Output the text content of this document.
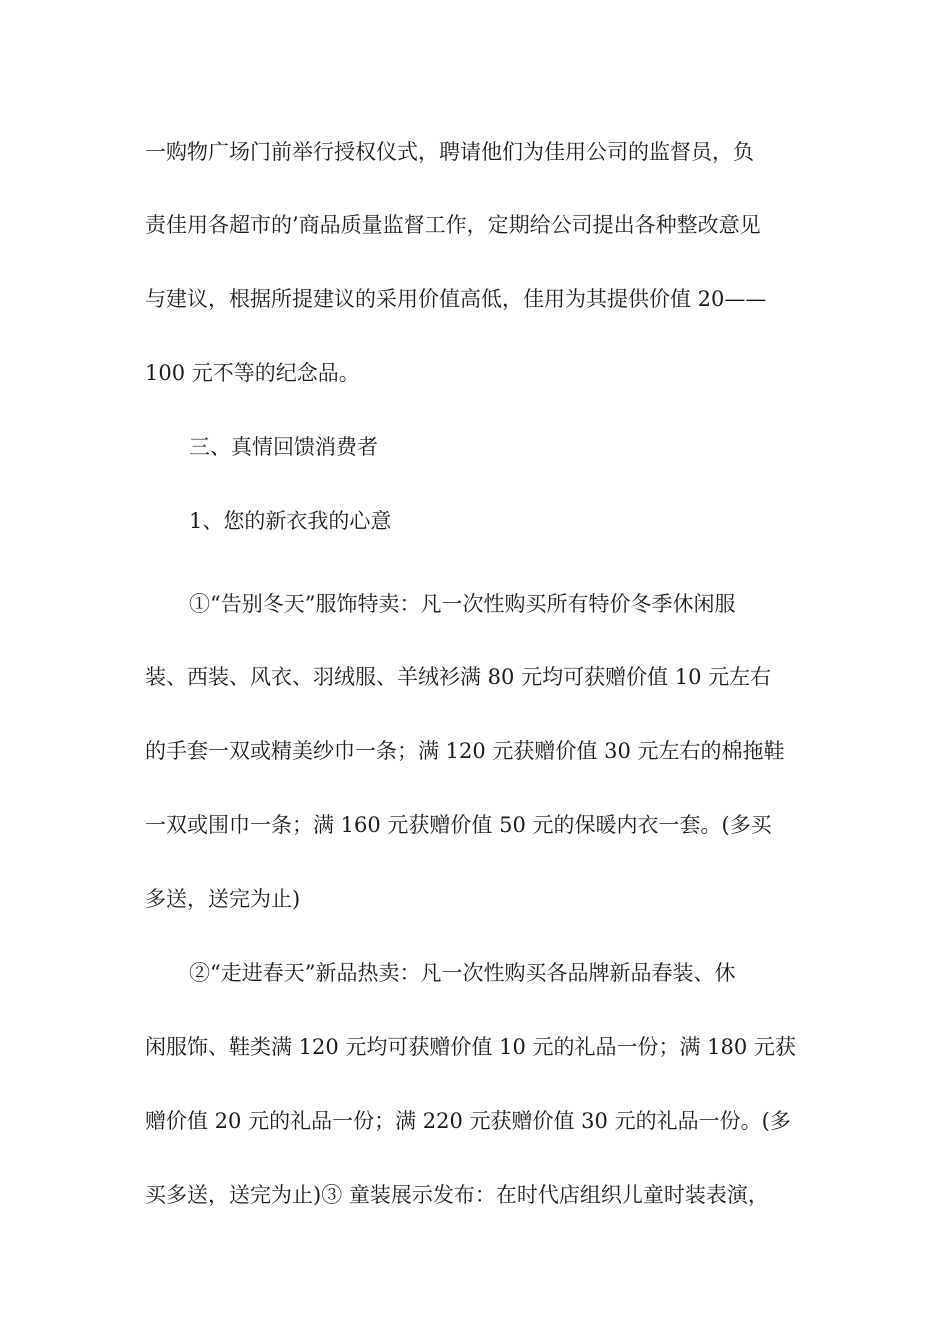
一购物广场门前举行授权仪式，聘请他们为佳用公司的监督员，负
责佳用各超市的’商品质量监督工作，定期给公司提出各种整改意见
与建议，根据所提建议的采用价值高低，佳用为其提供价值 20——
100 元不等的纪念品。
三、真情回馈消费者
1、您的新衣我的心意
①“告别冬天”服饰特卖：凡一次性购买所有特价冬季休闲服
装、西装、风衣、羽绒服、羊绒衫满 80 元均可获赠价值 10 元左右
的手套一双或精美纱巾一条；满 120 元获赠价值 30 元左右的棉拖鞋
一双或围巾一条；满 160 元获赠价值 50 元的保暖内衣一套。(多买
多送，送完为止)
②“走进春天”新品热卖：凡一次性购买各品牌新品春装、休
闲服饰、鞋类满 120 元均可获赠价值 10 元的礼品一份；满 180 元获
赠价值 20 元的礼品一份；满 220 元获赠价值 30 元的礼品一份。(多
买多送，送完为止)③ 童装展示发布：在时代店组织儿童时装表演，
